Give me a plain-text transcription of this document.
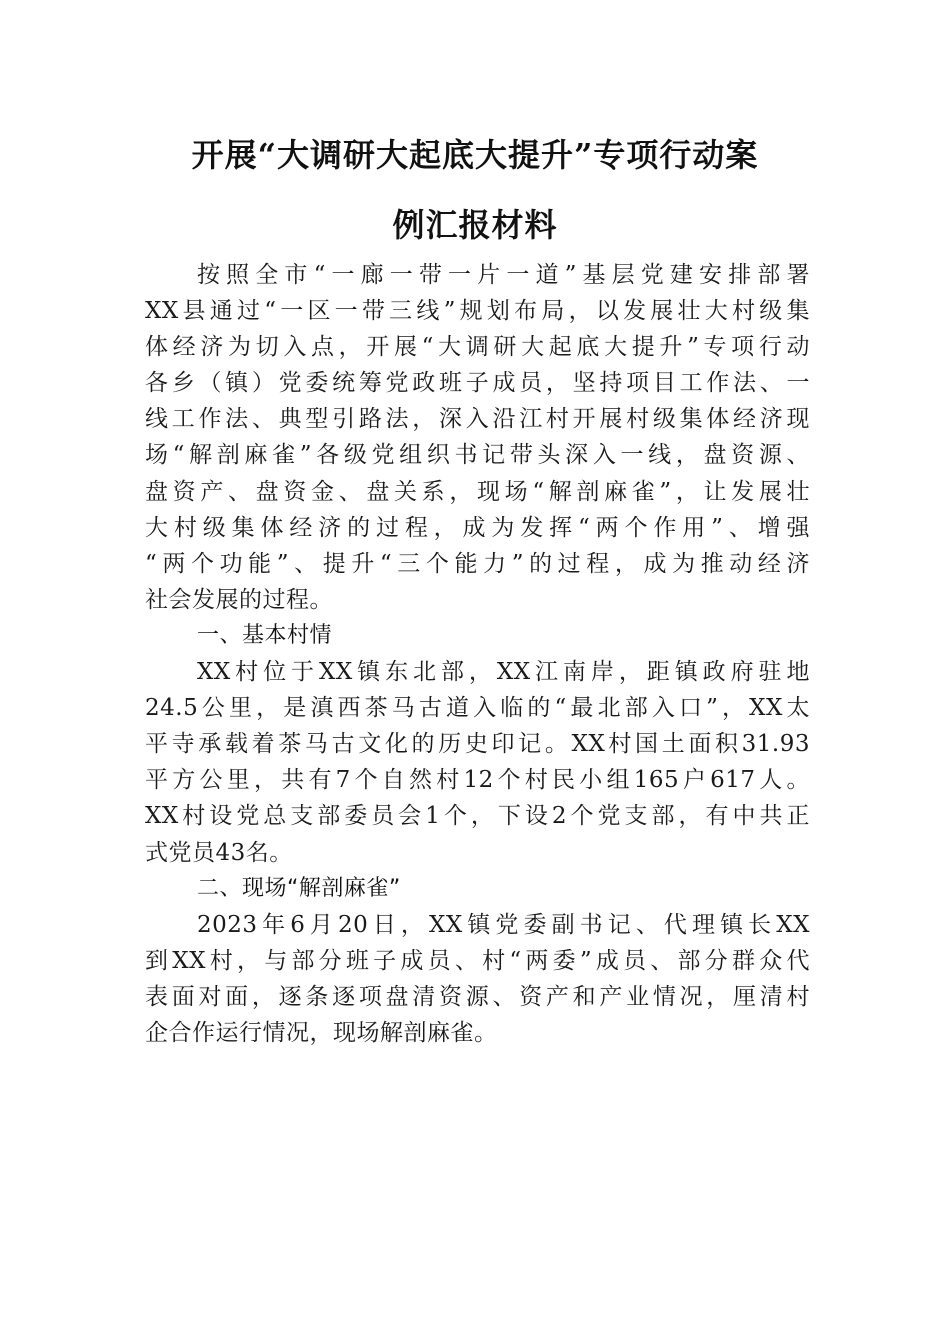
开展“大调研大起底大提升”专项行动案
例汇报材料
按照全市“一廊一带一片一道”基层党建安排部署
XX县通过“一区一带三线”规划布局，以发展壮大村级集
体经济为切入点，开展“大调研大起底大提升”专项行动
各乡（镇）党委统筹党政班子成员，坚持项目工作法、一
线工作法、典型引路法，深入沿江村开展村级集体经济现
场“解剖麻雀”各级党组织书记带头深入一线，盘资源、
盘资产、盘资金、盘关系，现场“解剖麻雀”，让发展壮
大村级集体经济的过程，成为发挥“两个作用”、增强
“两个功能”、提升“三个能力”的过程，成为推动经济
社会发展的过程。
一、基本村情
XX村位于XX镇东北部，XX江南岸，距镇政府驻地
24.5公里，是滇西茶马古道入临的“最北部入口”，XX太
平寺承载着茶马古文化的历史印记。XX村国土面积31.93
平方公里，共有7个自然村12个村民小组165户617人。
XX村设党总支部委员会1个，下设2个党支部，有中共正
式党员43名。
二、现场“解剖麻雀”
2023年6月20日，XX镇党委副书记、代理镇长XX
到XX村，与部分班子成员、村“两委”成员、部分群众代
表面对面，逐条逐项盘清资源、资产和产业情况，厘清村
企合作运行情况，现场解剖麻雀。
